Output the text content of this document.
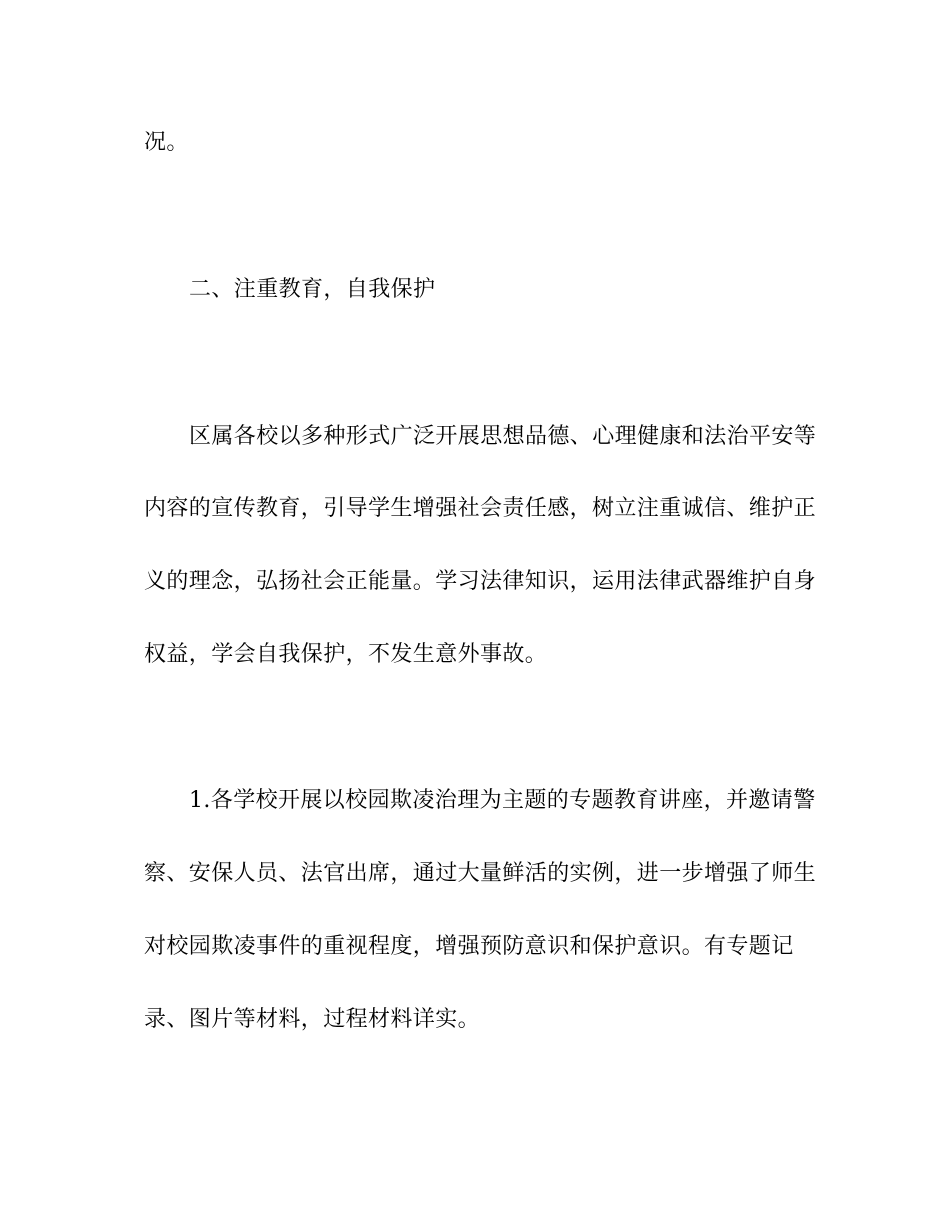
况。
二、注重教育，自我保护
区属各校以多种形式广泛开展思想品德、心理健康和法治平安等
内容的宣传教育，引导学生增强社会责任感，树立注重诚信、维护正
义的理念，弘扬社会正能量。学习法律知识，运用法律武器维护自身
权益，学会自我保护，不发生意外事故。
1.各学校开展以校园欺凌治理为主题的专题教育讲座，并邀请警
察、安保人员、法官出席，通过大量鲜活的实例，进一步增强了师生
对校园欺凌事件的重视程度，增强预防意识和保护意识。有专题记
录、图片等材料，过程材料详实。
